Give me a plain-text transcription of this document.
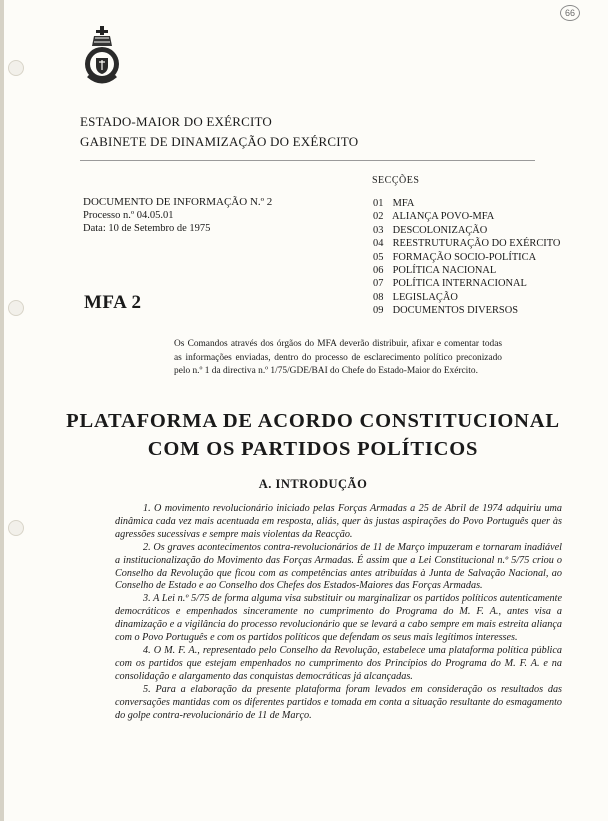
66
ESTADO-MAIOR DO EXÉRCITO
GABINETE DE DINAMIZAÇÃO DO EXÉRCITO
DOCUMENTO DE INFORMAÇÃO N.º 2
Processo n.º 04.05.01
Data: 10 de Setembro de 1975
SECÇÕES
01 MFA
02 ALIANÇA POVO-MFA
03 DESCOLONIZAÇÃO
04 REESTRUTURAÇÃO DO EXÉRCITO
05 FORMAÇÃO SOCIO-POLÍTICA
06 POLÍTICA NACIONAL
07 POLÍTICA INTERNACIONAL
08 LEGISLAÇÃO
09 DOCUMENTOS DIVERSOS
MFA 2
Os Comandos através dos órgãos do MFA deverão distribuir, afixar e comentar todas as informações enviadas, dentro do processo de esclarecimento político preconizado pelo n.º 1 da directiva n.º 1/75/GDE/BAI do Chefe do Estado-Maior do Exército.
PLATAFORMA DE ACORDO CONSTITUCIONAL
COM OS PARTIDOS POLÍTICOS
A. INTRODUÇÃO

1. O movimento revolucionário iniciado pelas Forças Armadas a 25 de Abril de 1974 adquiriu uma dinâmica cada vez mais acentuada em resposta, aliás, quer às justas aspirações do Povo Português quer às agressões sucessivas e sempre mais violentas da Reacção.

2. Os graves acontecimentos contra-revolucionários de 11 de Março impuzeram e tornaram inadiável a institucionalização do Movimento das Forças Armadas. É assim que a Lei Constitucional n.º 5/75 criou o Conselho da Revolução que ficou com as competências antes atribuídas à Junta de Salvação Nacional, ao Conselho de Estado e ao Conselho dos Chefes dos Estados-Maiores das Forças Armadas.

3. A Lei n.º 5/75 de forma alguma visa substituir ou marginalizar os partidos políticos autenticamente democráticos e empenhados sinceramente no cumprimento do Programa do M. F. A., antes visa a dinamização e a vigilância do processo revolucionário que se levará a cabo sempre em mais estreita aliança com o Povo Português e com os partidos políticos que defendam os seus mais legítimos interesses.

4. O M. F. A., representado pelo Conselho da Revolução, estabelece uma plataforma política pública com os partidos que estejam empenhados no cumprimento dos Princípios do Programa do M. F. A. e na consolidação e alargamento das conquistas democráticas já alcançadas.

5. Para a elaboração da presente plataforma foram levados em consideração os resultados das conversações mantidas com os diferentes partidos e tomada em conta a situação resultante do esmagamento do golpe contra-revolucionário de 11 de Março.
